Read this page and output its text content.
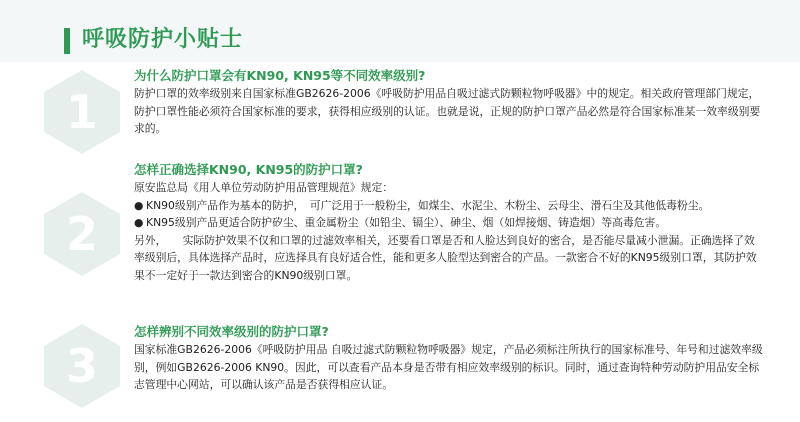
呼吸防护小贴士
1
2
3

为什么防护口罩会有KN90, KN95等不同效率级别?

防护口罩的效率级别来自国家标准GB2626-2006《呼吸防护用品自吸过滤式防颗粒物呼吸器》中的规定。相关政府管理部门规定，防护口罩性能必须符合国家标准的要求，获得相应级别的认证。也就是说，正规的防护口罩产品必然是符合国家标准某一效率级别要求的。

怎样正确选择KN90, KN95的防护口罩?

原安监总局《用人单位劳动防护用品管理规范》规定：

● KN90级别产品作为基本的防护，　可广泛用于一般粉尘，如煤尘、水泥尘、木粉尘、云母尘、滑石尘及其他低毒粉尘。
● KN95级别产品更适合防护矽尘、重金属粉尘（如铅尘、镉尘）、砷尘、烟（如焊接烟、铸造烟）等高毒危害。

另外，　　实际防护效果不仅和口罩的过滤效率相关，还要看口罩是否和人脸达到良好的密合，是否能尽量减小泄漏。正确选择了效率级别后，具体选择产品时，应选择具有良好适合性，能和更多人脸型达到密合的产品。一款密合不好的KN95级别口罩，其防护效果不一定好于一款达到密合的KN90级别口罩。

怎样辨别不同效率级别的防护口罩?

国家标准GB2626-2006《呼吸防护用品 自吸过滤式防颗粒物呼吸器》规定，产品必须标注所执行的国家标准号、年号和过滤效率级别，例如GB2626-2006 KN90。因此，可以查看产品本身是否带有相应效率级别的标识。同时，通过查询特种劳动防护用品安全标志管理中心网站，可以确认该产品是否获得相应认证。
